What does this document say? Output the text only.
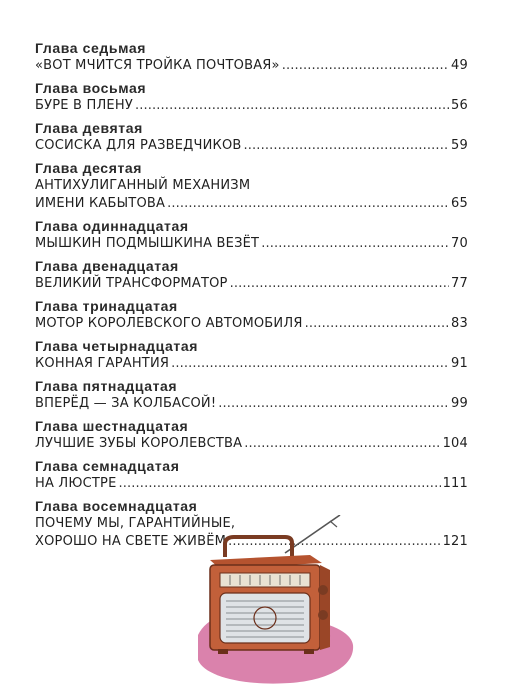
Глава седьмая
«ВОТ МЧИТСЯ ТРОЙКА ПОЧТОВАЯ» . . .	49
Глава восьмая
БУРЕ В ПЛЕНУ . . .	56
Глава девятая
СОСИСКА ДЛЯ РАЗВЕДЧИКОВ . . .	59
Глава десятая
АНТИХУЛИГАННЫЙ МЕХАНИЗМ
ИМЕНИ КАБЫТОВА . . .	65
Глава одиннадцатая
МЫШКИН ПОДМЫШКИНА ВЕЗЁТ . . .	70
Глава двенадцатая
ВЕЛИКИЙ ТРАНСФОРМАТОР . . .	77
Глава тринадцатая
МОТОР КОРОЛЕВСКОГО АВТОМОБИЛЯ . . .	83
Глава четырнадцатая
КОННАЯ ГАРАНТИЯ . . .	91
Глава пятнадцатая
ВПЕРЁД — ЗА КОЛБАСОЙ! . . .	99
Глава шестнадцатая
ЛУЧШИЕ ЗУБЫ КОРОЛЕВСТВА . . .	104
Глава семнадцатая
НА ЛЮСТРЕ . . .	111
Глава восемнадцатая
ПОЧЕМУ МЫ, ГАРАНТИЙНЫЕ,
ХОРОШО НА СВЕТЕ ЖИВЁМ . . .	121
